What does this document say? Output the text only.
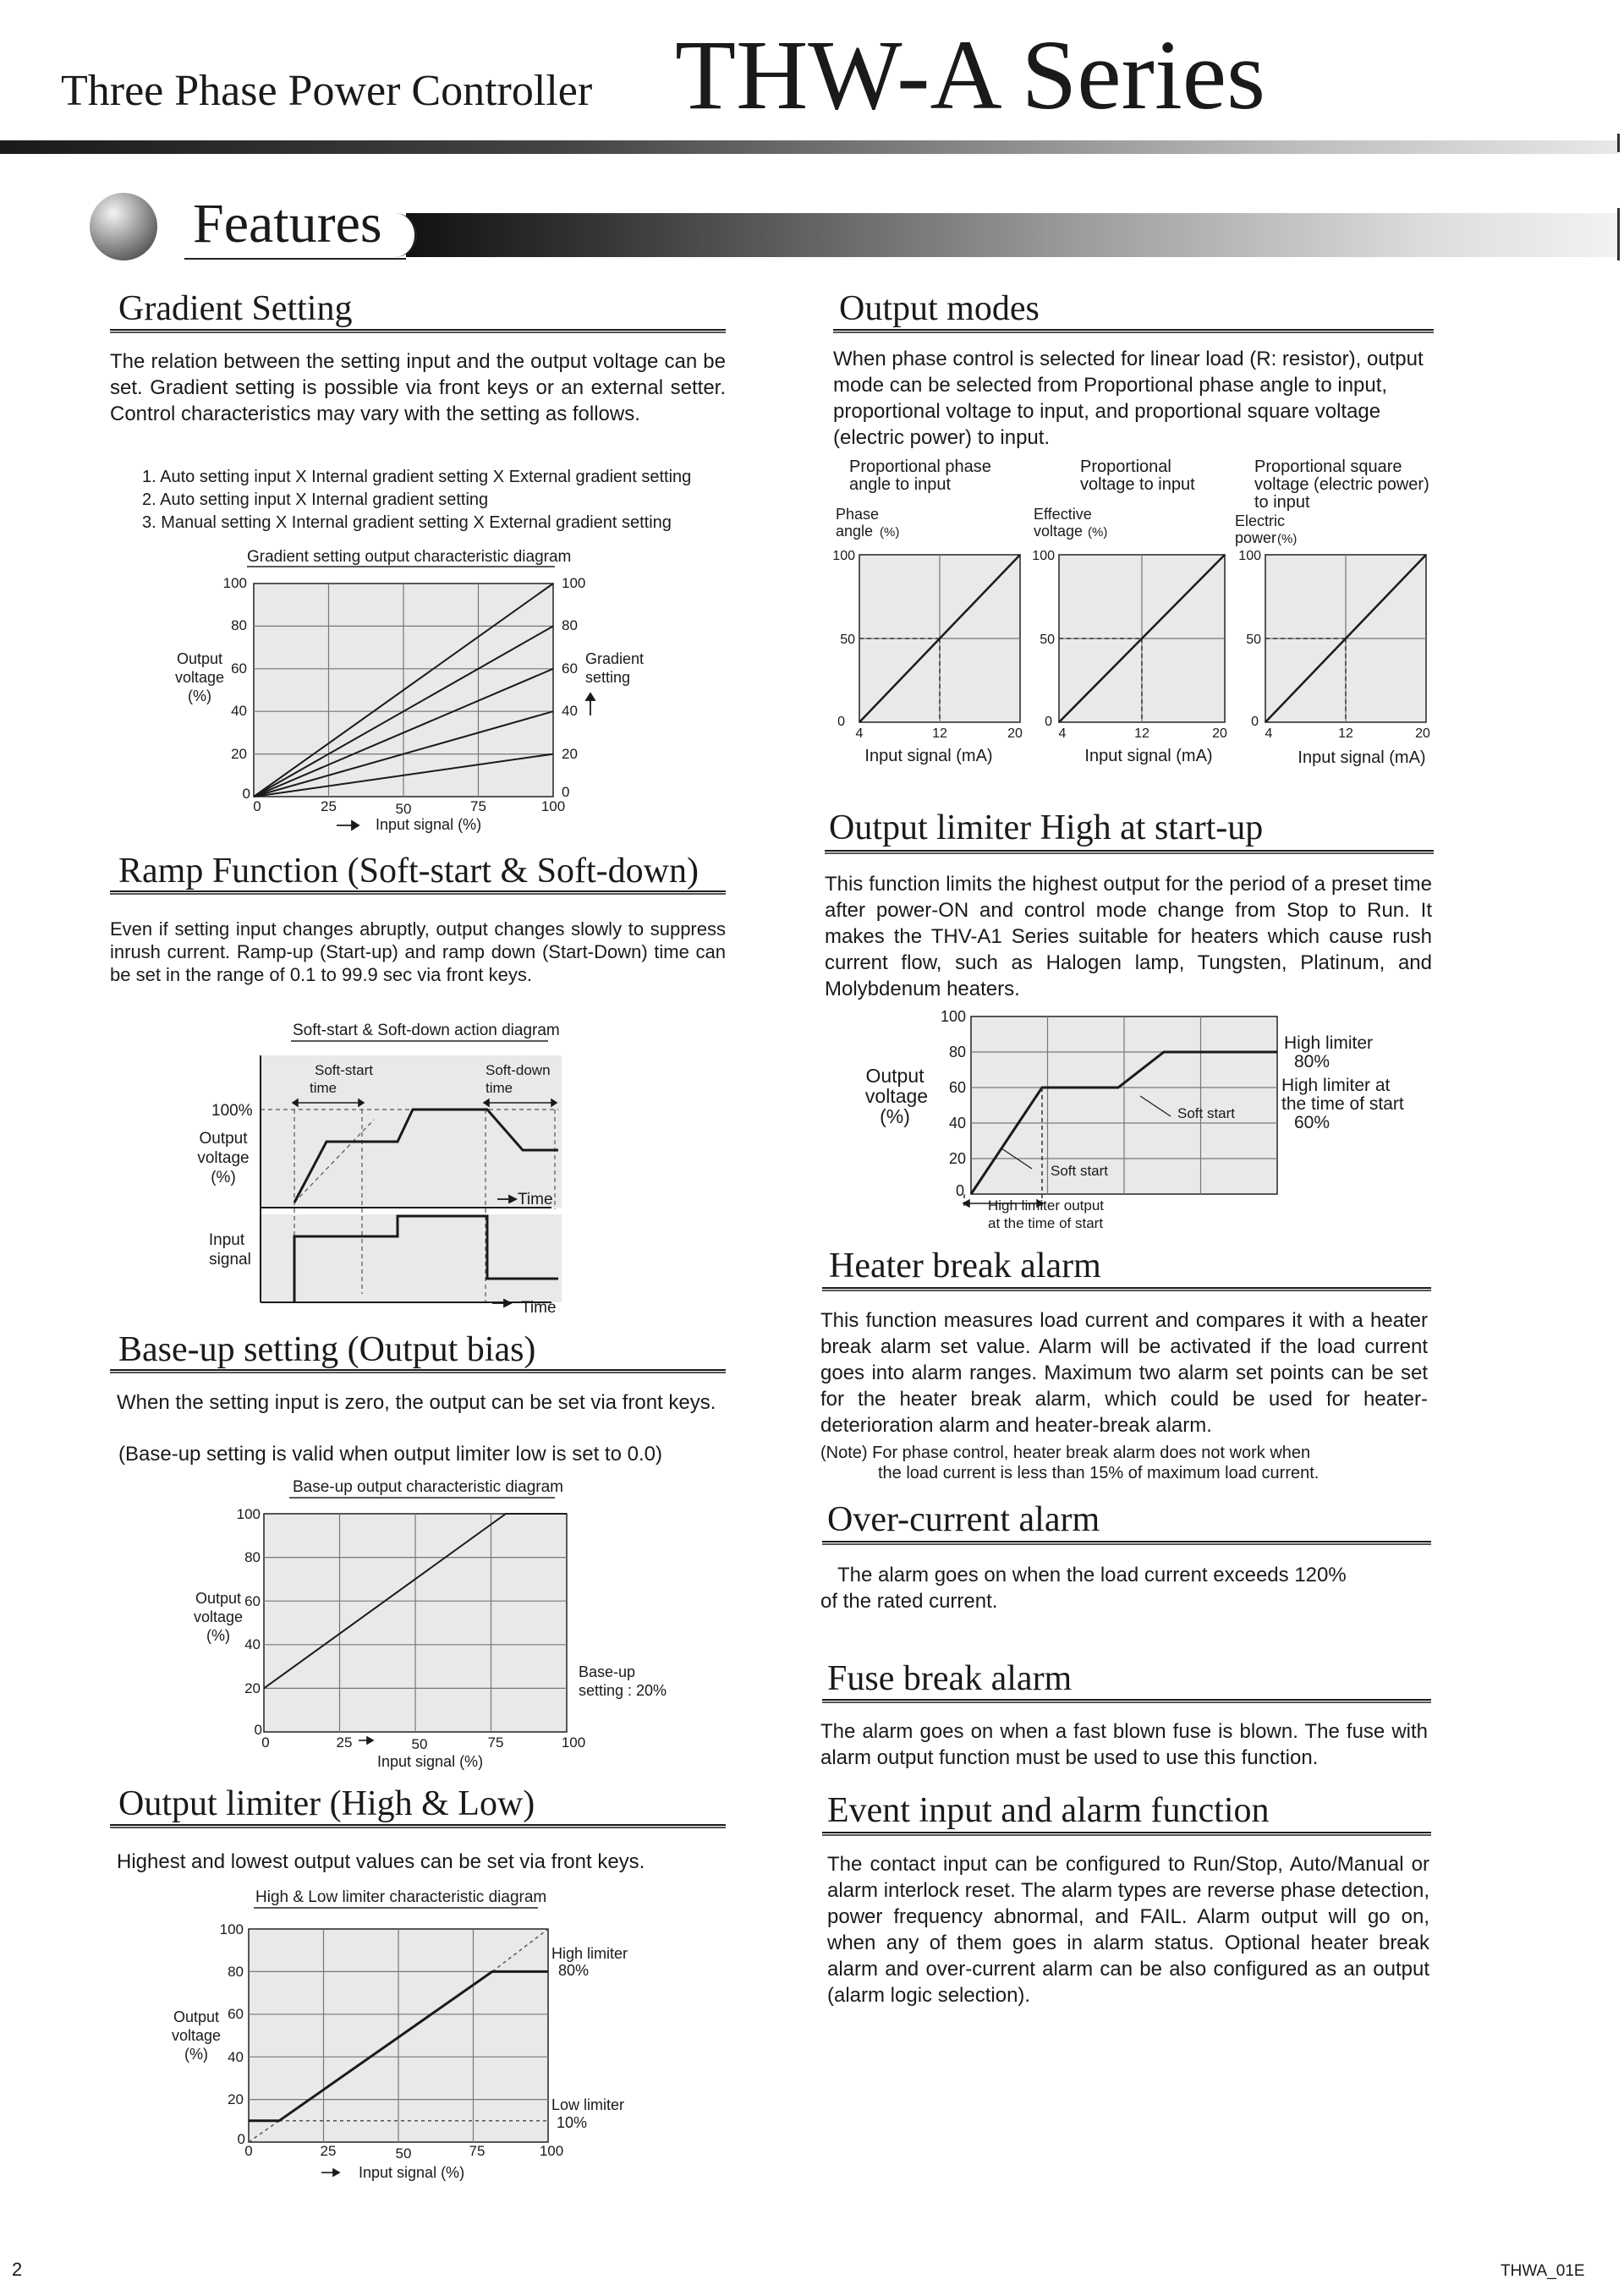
Three Phase Power Controller THW-A Series
Features
Gradient Setting
The relation between the setting input and the output voltage can be set. Gradient setting is possible via front keys or an external setter. Control characteristics may vary with the setting as follows.
1. Auto setting input X Internal gradient setting X External gradient setting
2. Auto setting input X Internal gradient setting
3. Manual setting X Internal gradient setting X External gradient setting
Gradient setting output characteristic diagram
100
80
60
40
20
0
100
80
60
40
20
0
0	25	50	75	100
Output
voltage
(%)
Gradient
setting
Input signal (%)
Ramp Function (Soft-start & Soft-down)
Even if setting input changes abruptly, output changes slowly to suppress inrush current. Ramp-up (Start-up) and ramp down (Start-Down) time can be set in the range of 0.1 to 99.9 sec via front keys.
Soft-start & Soft-down action diagram
Soft-start
time
Soft-down
time
100%
Output
voltage
(%)
Input
signal
Time
Time
Base-up setting (Output bias)
When the setting input is zero, the output can be set via front keys.
(Base-up setting is valid when output limiter low is set to 0.0)
Base-up output characteristic diagram
100
80
60
40
20
0
0	25	50	75	100
Output
voltage
(%)
Base-up
setting : 20%
Input signal (%)
Output limiter (High & Low)
Highest and lowest output values can be set via front keys.
High & Low limiter characteristic diagram
100
80
60
40
20
0
0	25	50	75	100
Output
voltage
(%)
High limiter
80%
Low limiter
10%
Input signal (%)
Output modes
When phase control is selected for linear load (R: resistor), output mode can be selected from Proportional phase angle to input, proportional voltage to input, and proportional square voltage (electric power) to input.
Proportional phase
angle to input
Phase
angle (%)
Proportional
voltage to input
Effective
voltage (%)
Proportional square
voltage (electric power)
to input
Electric
power (%)
100
50
0
100
50
0
100
50
0
4	12	20	4	12	20	4	12	20
Input signal (mA)	Input signal (mA)	Input signal (mA)
Output limiter High at start-up
This function limits the highest output for the period of a preset time after power-ON and control mode change from Stop to Run. It makes the THV-A1 Series suitable for heaters which cause rush current flow, such as Halogen lamp, Tungsten, Platinum, and Molybdenum heaters.
100
80
60
40
20
0
Output
voltage
(%)
High limiter
80%
High limiter at
the time of start
60%
Soft start
Soft start
High limiter output
at the time of start
Heater break alarm
This function measures load current and compares it with a heater break alarm set value. Alarm will be activated if the load current goes into alarm ranges. Maximum two alarm set points can be set for the heater break alarm, which could be used for heater-deterioration alarm and heater-break alarm.
(Note) For phase control, heater break alarm does not work when
the load current is less than 15% of maximum load current.
Over-current alarm
The alarm goes on when the load current exceeds 120%
of the rated current.
Fuse break alarm
The alarm goes on when a fast blown fuse is blown. The fuse with alarm output function must be used to use this function.
Event input and alarm function
The contact input can be configured to Run/Stop, Auto/Manual or alarm interlock reset. The alarm types are reverse phase detection, power frequency abnormal, and FAIL. Alarm output will go on, when any of them goes in alarm status. Optional heater break alarm and over-current alarm can be also configured as an output (alarm logic selection).
2	THWA_01E
